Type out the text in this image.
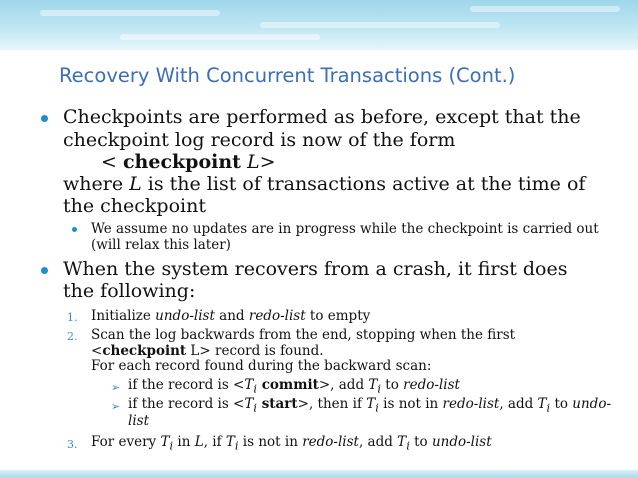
Recovery With Concurrent Transactions (Cont.)
Checkpoints are performed as before, except that the
checkpoint log record is now of the form
< checkpoint L>
where L is the list of transactions active at the time of
the checkpoint
We assume no updates are in progress while the checkpoint is carried out
(will relax this later)
When the system recovers from a crash, it first does
the following:
1. Initialize undo-list and redo-list to empty
2. Scan the log backwards from the end, stopping when the first
<checkpoint L> record is found.
For each record found during the backward scan:
➢ if the record is $<T_i$ commit>, add $T_i$ to redo-list
➢ if the record is $<T_i$ start>, then if $T_i$ is not in redo-list, add $T_i$ to undo-
list
3. For every $T_i$ in L, if $T_i$ is not in redo-list, add $T_i$ to undo-list
